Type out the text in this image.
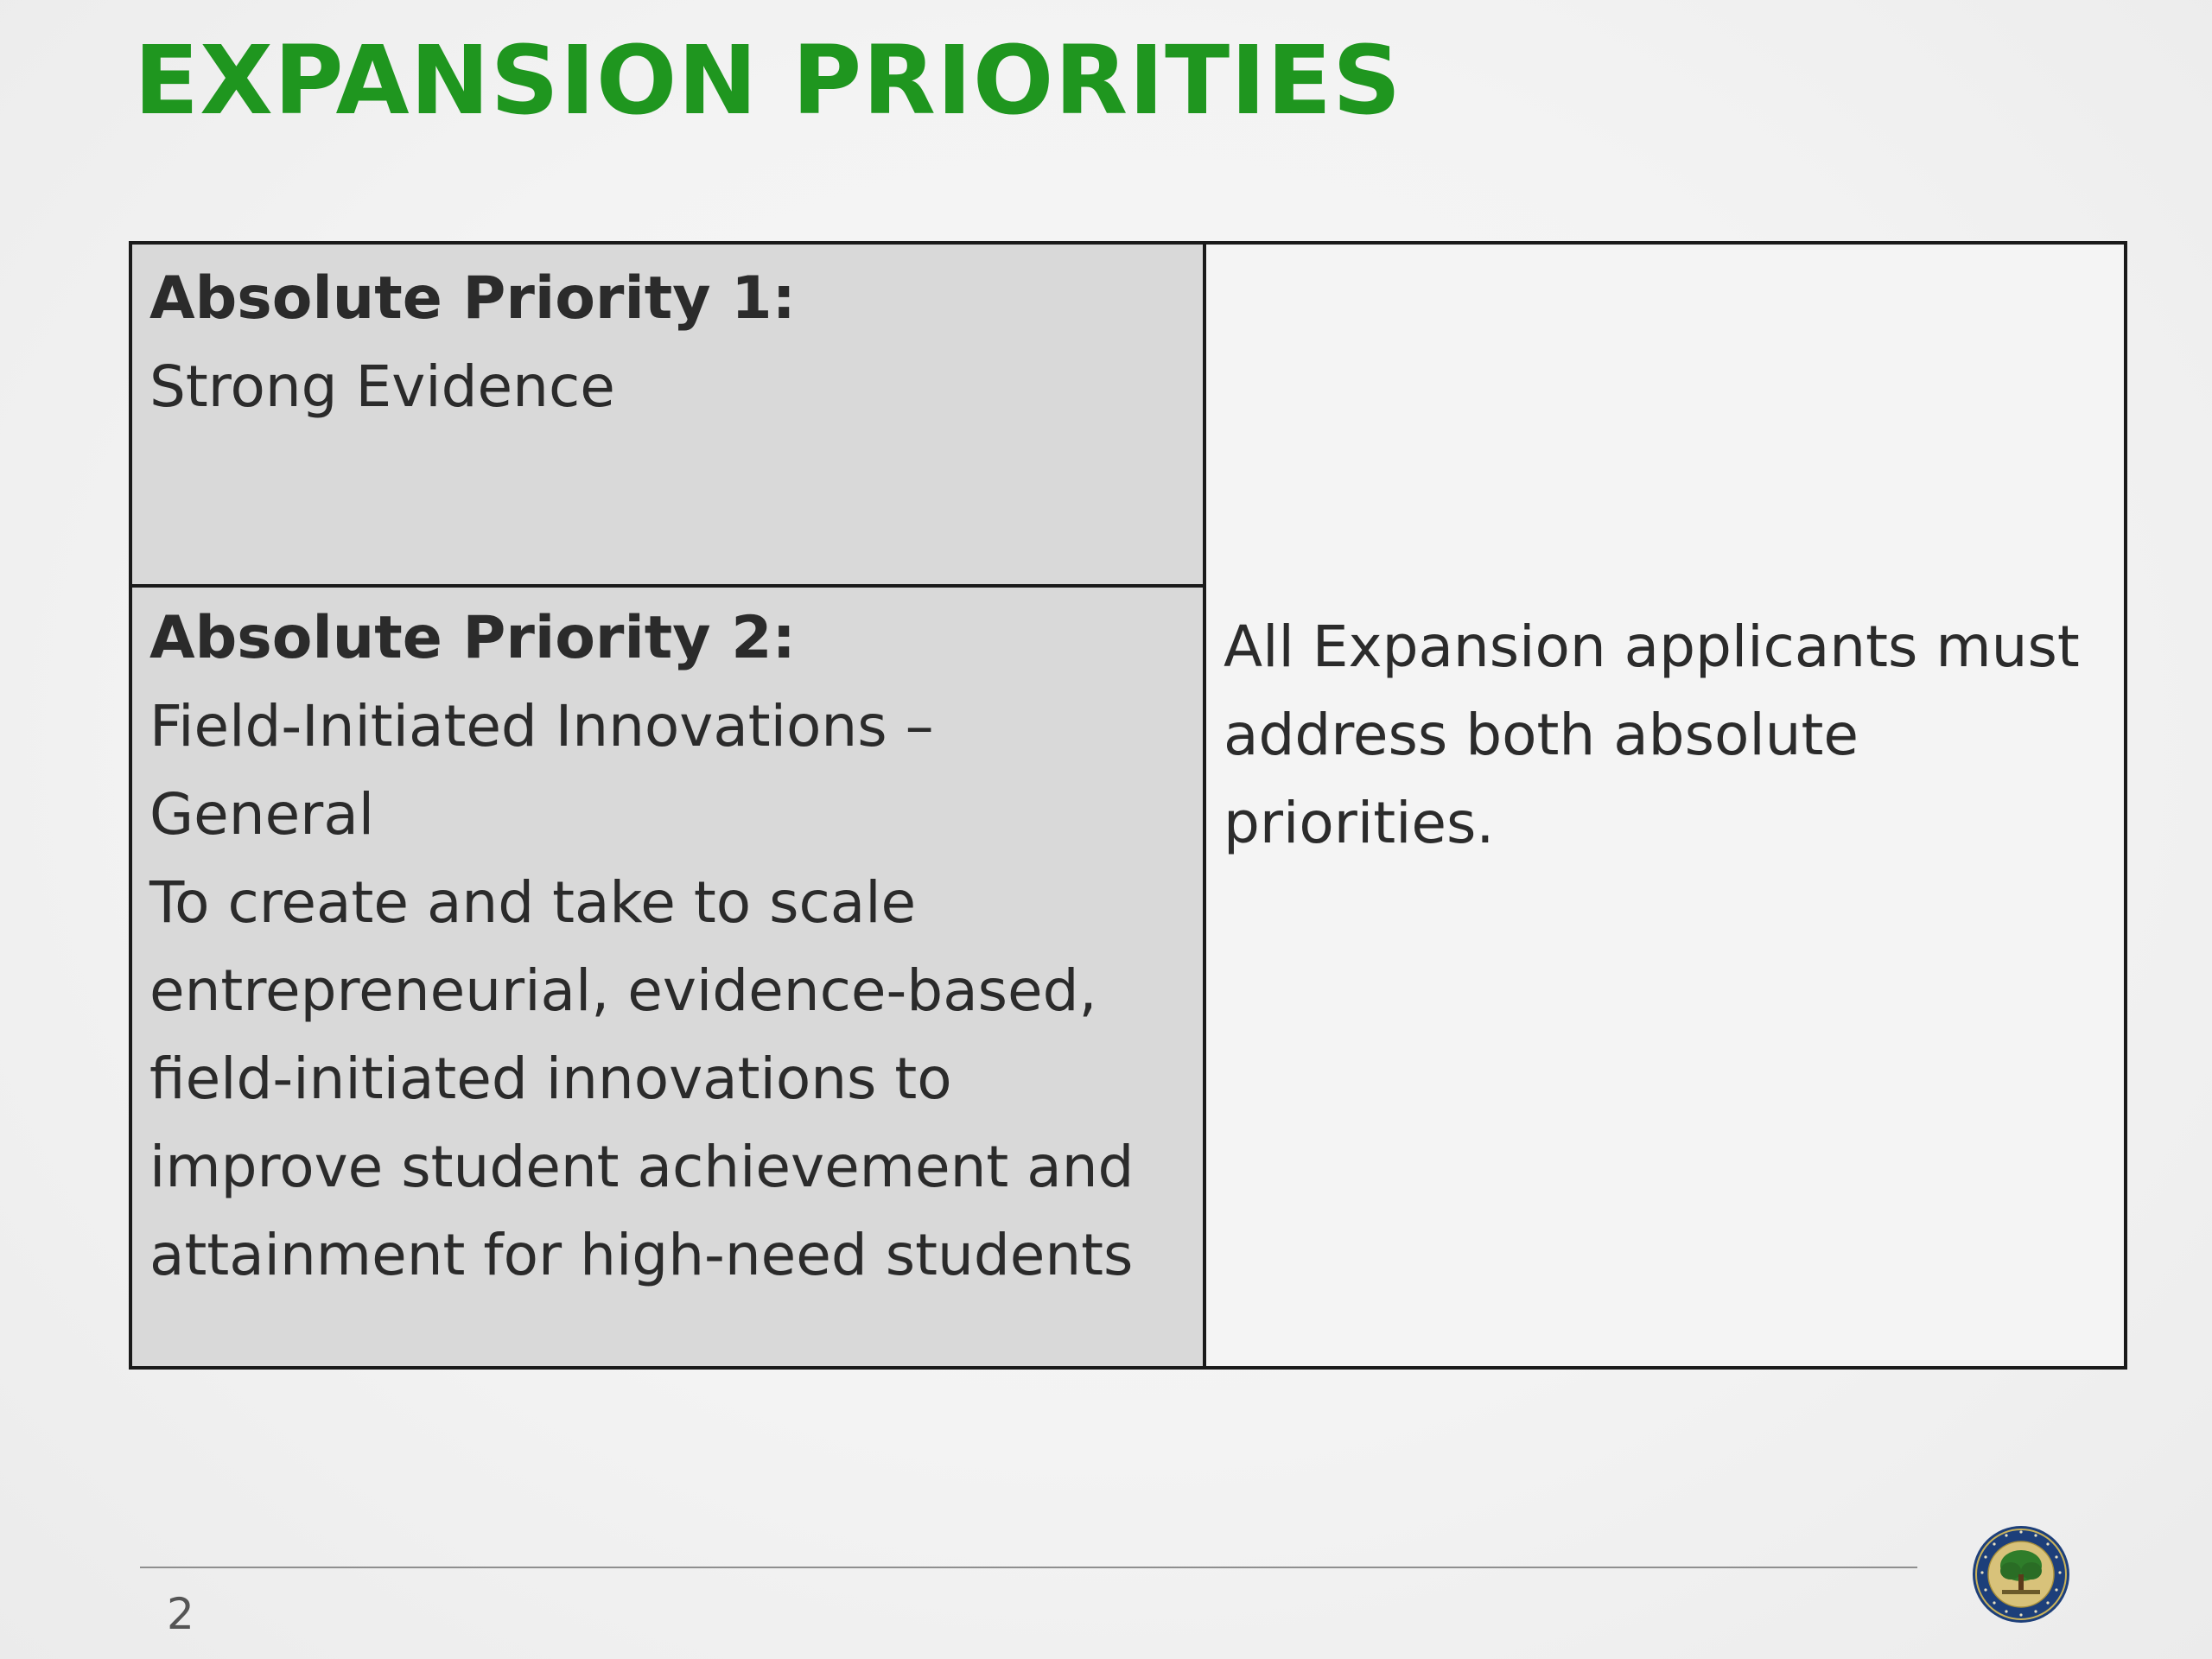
EXPANSION PRIORITIES

Absolute Priority 1:

Strong Evidence

Absolute Priority 2:

Field-Initiated Innovations –

General

To create and take to scale

entrepreneurial, evidence-based,

field-initiated innovations to

improve student achievement and

attainment for high-need students

All Expansion applicants must

address both absolute

priorities.

2
